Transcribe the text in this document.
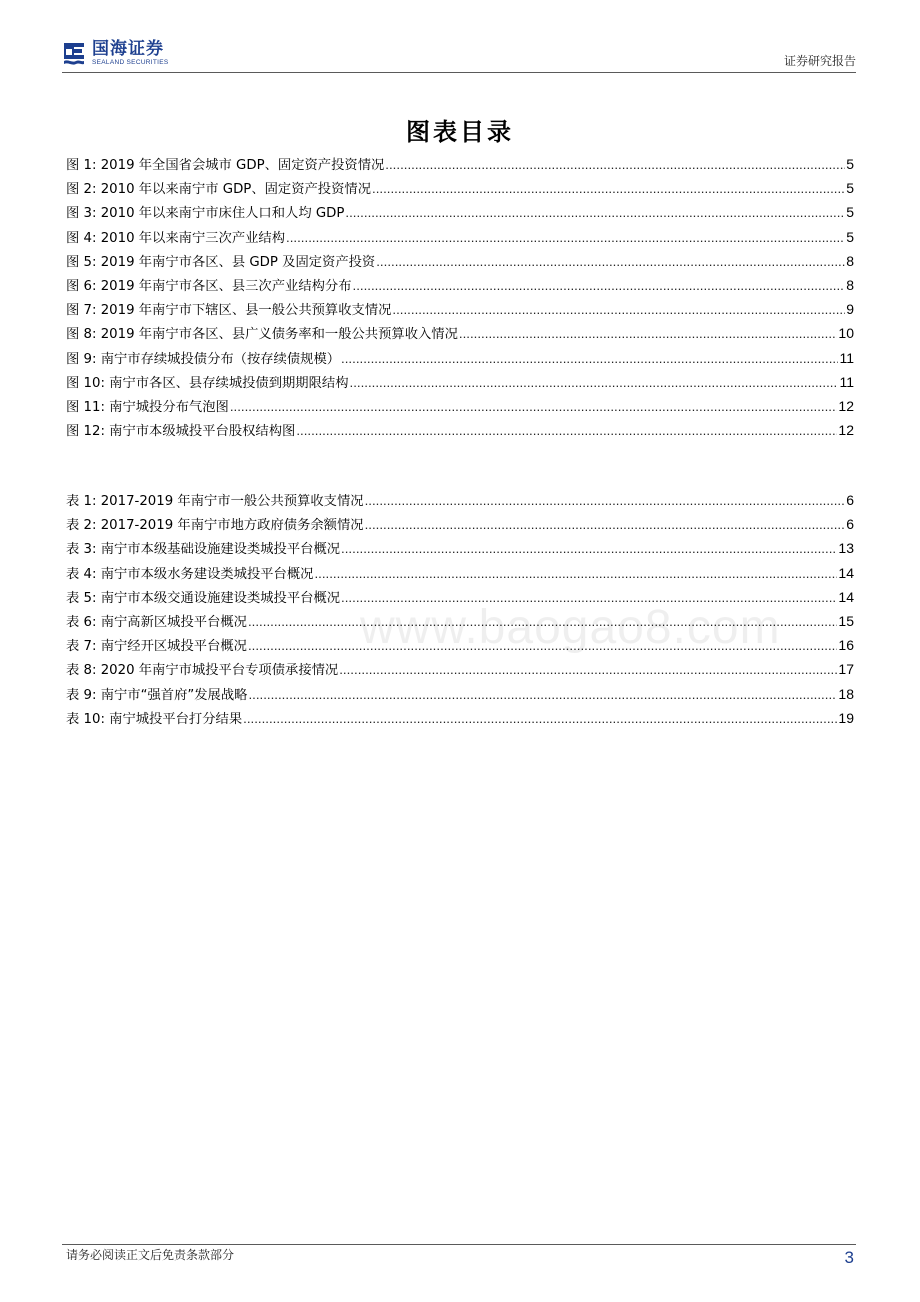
国海证券
SEALAND SECURITIES	证券研究报告
图表目录
图 1: 2019 年全国省会城市 GDP、固定资产投资情况 .....	5
图 2: 2010 年以来南宁市 GDP、固定资产投资情况 .....	5
图 3: 2010 年以来南宁市床住人口和人均 GDP .....	5
图 4: 2010 年以来南宁三次产业结构 .....	5
图 5: 2019 年南宁市各区、县 GDP 及固定资产投资 .....	8
图 6: 2019 年南宁市各区、县三次产业结构分布 .....	8
图 7: 2019 年南宁市下辖区、县一般公共预算收支情况 .....	9
图 8: 2019 年南宁市各区、县广义债务率和一般公共预算收入情况 .....	10
图 9: 南宁市存续城投债分布（按存续债规模） .....	11
图 10: 南宁市各区、县存续城投债到期期限结构 .....	11
图 11: 南宁城投分布气泡图 .....	12
图 12: 南宁市本级城投平台股权结构图 .....	12
表 1: 2017-2019 年南宁市一般公共预算收支情况 .....	6
表 2: 2017-2019 年南宁市地方政府债务余额情况 .....	6
表 3: 南宁市本级基础设施建设类城投平台概况 .....	13
表 4: 南宁市本级水务建设类城投平台概况 .....	14
表 5: 南宁市本级交通设施建设类城投平台概况 .....	14
表 6: 南宁高新区城投平台概况 .....	15
表 7: 南宁经开区城投平台概况 .....	16
表 8: 2020 年南宁市城投平台专项债承接情况 .....	17
表 9: 南宁市“强首府”发展战略 .....	18
表 10: 南宁城投平台打分结果 .....	19
www.baogao8.com
请务必阅读正文后免责条款部分	3
